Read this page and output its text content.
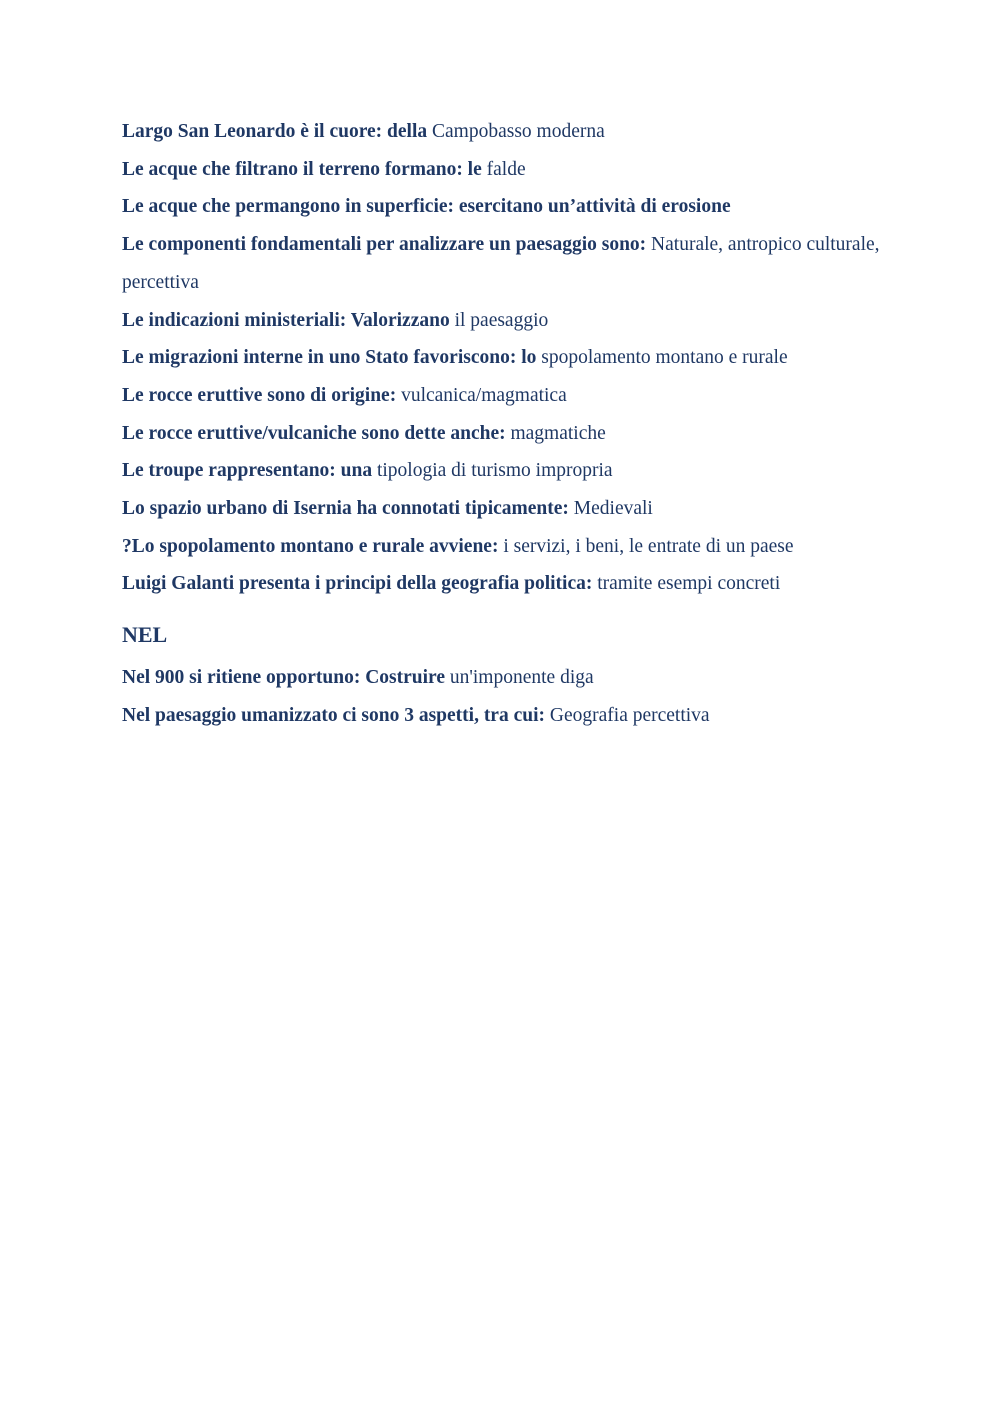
Largo San Leonardo è il cuore: della Campobasso moderna

Le acque che filtrano il terreno formano: le falde

Le acque che permangono in superficie: esercitano un’attività di erosione

Le componenti fondamentali per analizzare un paesaggio sono: Naturale, antropico culturale, percettiva

Le indicazioni ministeriali: Valorizzano il paesaggio

Le migrazioni interne in uno Stato favoriscono: lo spopolamento montano e rurale

Le rocce eruttive sono di origine: vulcanica/magmatica

Le rocce eruttive/vulcaniche sono dette anche: magmatiche

Le troupe rappresentano: una tipologia di turismo impropria

Lo spazio urbano di Isernia ha connotati tipicamente: Medievali

?Lo spopolamento montano e rurale avviene: i servizi, i beni, le entrate di un paese

Luigi Galanti presenta i principi della geografia politica: tramite esempi concreti

NEL

Nel 900 si ritiene opportuno: Costruire un'imponente diga

Nel paesaggio umanizzato ci sono 3 aspetti, tra cui: Geografia percettiva
